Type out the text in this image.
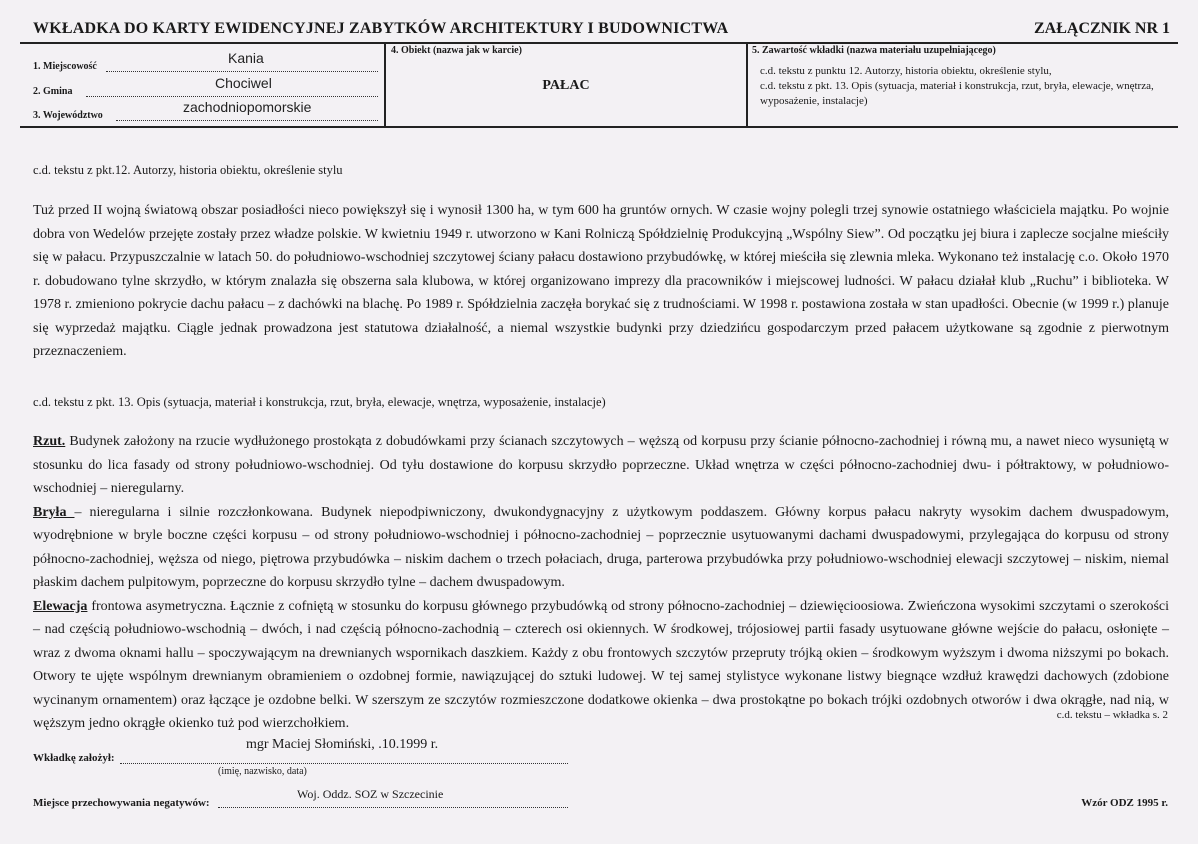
WKŁADKA DO KARTY EWIDENCYJNEJ ZABYTKÓW ARCHITEKTURY I BUDOWNICTWA	ZAŁĄCZNIK NR 1
Kania
1. Miejscowość
Chociwel
2. Gmina
zachodniopomorskie
3. Województwo
4. Obiekt (nazwa jak w karcie)
PAŁAC
5. Zawartość wkładki (nazwa materiału uzupełniającego)
c.d. tekstu z punktu 12. Autorzy, historia obiektu, określenie stylu,
c.d. tekstu z pkt. 13. Opis (sytuacja, materiał i konstrukcja, rzut, bryła, elewacje, wnętrza, wyposażenie, instalacje)
c.d. tekstu z pkt.12. Autorzy, historia obiektu, określenie stylu
Tuż przed II wojną światową obszar posiadłości nieco powiększył się i wynosił 1300 ha, w tym 600 ha gruntów ornych. W czasie wojny polegli trzej synowie ostatniego właściciela majątku. Po wojnie dobra von Wedelów przejęte zostały przez władze polskie. W kwietniu 1949 r. utworzono w Kani Rolniczą Spółdzielnię Produkcyjną „Wspólny Siew”. Od początku jej biura i zaplecze socjalne mieściły się w pałacu. Przypuszczalnie w latach 50. do południowo-wschodniej szczytowej ściany pałacu dostawiono przybudówkę, w której mieściła się zlewnia mleka. Wykonano też instalację c.o. Około 1970 r. dobudowano tylne skrzydło, w którym znalazła się obszerna sala klubowa, w której organizowano imprezy dla pracowników i miejscowej ludności. W pałacu działał klub „Ruchu” i biblioteka. W 1978 r. zmieniono pokrycie dachu pałacu – z dachówki na blachę. Po 1989 r. Spółdzielnia zaczęła borykać się z trudnościami. W 1998 r. postawiona została w stan upadłości. Obecnie (w 1999 r.) planuje się wyprzedaż majątku. Ciągle jednak prowadzona jest statutowa działalność, a niemal wszystkie budynki przy dziedzińcu gospodarczym przed pałacem użytkowane są zgodnie z pierwotnym przeznaczeniem.
c.d. tekstu z pkt. 13. Opis (sytuacja, materiał i konstrukcja, rzut, bryła, elewacje, wnętrza, wyposażenie, instalacje)
Rzut. Budynek założony na rzucie wydłużonego prostokąta z dobudówkami przy ścianach szczytowych – węższą od korpusu przy ścianie północno-zachodniej i równą mu, a nawet nieco wysuniętą w stosunku do lica fasady od strony południowo-wschodniej. Od tyłu dostawione do korpusu skrzydło poprzeczne. Układ wnętrza w części północno-zachodniej dwu- i półtraktowy, w południowo-wschodniej – nieregularny.
Bryła – nieregularna i silnie rozczłonkowana. Budynek niepodpiwniczony, dwukondygnacyjny z użytkowym poddaszem. Główny korpus pałacu nakryty wysokim dachem dwuspadowym, wyodrębnione w bryle boczne części korpusu – od strony południowo-wschodniej i północno-zachodniej – poprzecznie usytuowanymi dachami dwuspadowymi, przylegająca do korpusu od strony północno-zachodniej, węższa od niego, piętrowa przybudówka – niskim dachem o trzech połaciach, druga, parterowa przybudówka przy południowo-wschodniej elewacji szczytowej – niskim, niemal płaskim dachem pulpitowym, poprzeczne do korpusu skrzydło tylne – dachem dwuspadowym.
Elewacja frontowa asymetryczna. Łącznie z cofniętą w stosunku do korpusu głównego przybudówką od strony północno-zachodniej – dziewięcioosiowa. Zwieńczona wysokimi szczytami o szerokości – nad częścią południowo-wschodnią – dwóch, i nad częścią północno-zachodnią – czterech osi okiennych. W środkowej, trójosiowej partii fasady usytuowane główne wejście do pałacu, osłonięte – wraz z dwoma oknami hallu – spoczywającym na drewnianych wspornikach daszkiem. Każdy z obu frontowych szczytów przepruty trójką okien – środkowym wyższym i dwoma niższymi po bokach. Otwory te ujęte wspólnym drewnianym obramieniem o ozdobnej formie, nawiązującej do sztuki ludowej. W tej samej stylistyce wykonane listwy biegnące wzdłuż krawędzi dachowych (zdobione wycinanym ornamentem) oraz łączące je ozdobne belki. W szerszym ze szczytów rozmieszczone dodatkowe okienka – dwa prostokątne po bokach trójki ozdobnych otworów i dwa okrągłe, nad nią, w węższym jedno okrągłe okienko tuż pod wierzchołkiem.
c.d. tekstu – wkładka s. 2
mgr Maciej Słomiński, .10.1999 r.
Wkładkę założył:
(imię, nazwisko, data)
Woj. Oddz. SOZ w Szczecinie
Miejsce przechowywania negatywów:	Wzór ODZ 1995 r.
